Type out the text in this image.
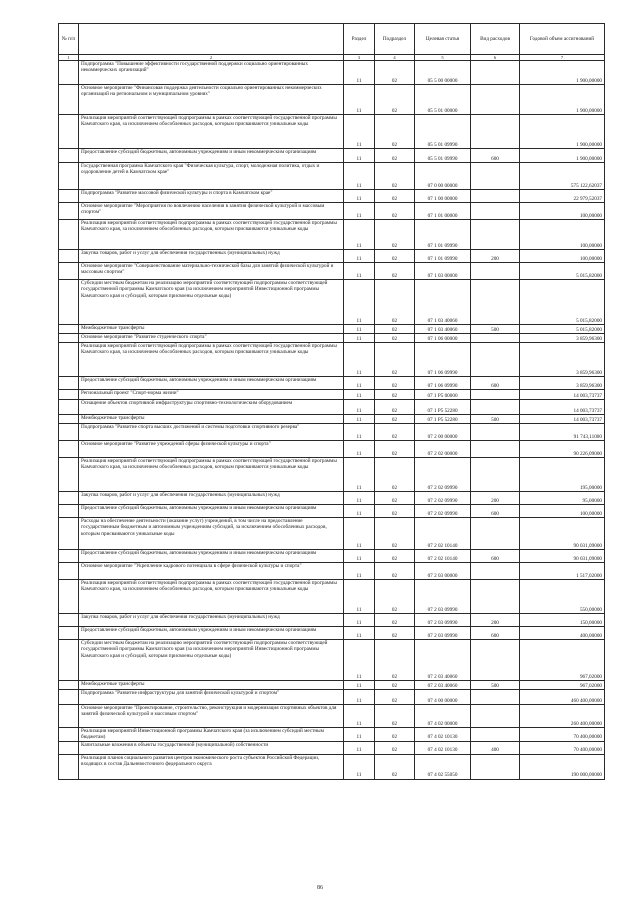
№ п/п		Раздел	Подраздел	Целевая статья	Вид расходов	Годовой объем ассигнований
1	2	3	4	5	6	7
	Подпрограмма "Повышение эффективности государственной поддержки социально ориентированных некоммерческих организаций"	11	02	05 5 00 00000		1 900,00000
	Основное мероприятие "Финансовая поддержка деятельности социально ориентированных некоммерческих организаций на региональном и муниципальном уровнях"	11	02	05 5 01 00000		1 900,00000
	Реализация мероприятий соответствующей подпрограммы в рамках соответствующей государственной программы Камчатского края, за исключением обособленных расходов, которым присваиваются уникальные коды	11	02	05 5 01 09990		1 900,00000
	Предоставление субсидий бюджетным, автономным учреждениям и иным некоммерческим организациям	11	02	05 5 01 09990	600	1 900,00000
	Государственная программа Камчатского края "Физическая культура, спорт, молодежная политика, отдых и оздоровление детей в Камчатском крае"	11	02	07 0 00 00000		575 122,62037
	Подпрограмма "Развитие массовой физической культуры и спорта в Камчатском крае"	11	02	07 1 00 00000		22 979,52037
	Основное мероприятие "Мероприятия по вовлечению населения в занятия физической культурой и массовым спортом"	11	02	07 1 01 00000		100,00000
	Реализация мероприятий соответствующей подпрограммы в рамках соответствующей государственной программы Камчатского края, за исключением обособленных расходов, которым присваиваются уникальные коды	11	02	07 1 01 09990		100,00000
	Закупка товаров, работ и услуг для обеспечения государственных (муниципальных) нужд	11	02	07 1 01 09990	200	100,00000
	Основное мероприятие "Совершенствование материально-технической базы для занятий физической культурой и массовым спортом"	11	02	07 1 03 00000		5 015,82000
	Субсидии местным бюджетам на реализацию мероприятий соответствующей подпрограммы соответствующей государственной программы Камчатского края (за исключением мероприятий Инвестиционной программы Камчатского края и субсидий, которым присвоены отдельные коды)	11	02	07 1 03 40060		5 015,82000
	Межбюджетные трансферты	11	02	07 1 03 40060	500	5 015,82000
	Основное мероприятие "Развитие студенческого спорта"	11	02	07 1 06 00000		3 859,96300
	Реализация мероприятий соответствующей подпрограммы в рамках соответствующей государственной программы Камчатского края, за исключением обособленных расходов, которым присваиваются уникальные коды	11	02	07 1 06 09990		3 859,96300
	Предоставление субсидий бюджетным, автономным учреждениям и иным некоммерческим организациям	11	02	07 1 06 09990	600	3 859,96300
	Региональный проект "Спорт-норма жизни"	11	02	07 1 P5 00000		14 003,73737
	Оснащение объектов спортивной инфраструктуры спортивно-технологическим оборудованием	11	02	07 1 P5 52280		14 003,73737
	Межбюджетные трансферты	11	02	07 1 P5 52280	500	14 003,73737
	Подпрограмма "Развитие спорта высших достижений и системы подготовки спортивного резерва"	11	02	07 2 00 00000		91 743,11000
	Основное мероприятие "Развитие учреждений сферы физической культуры и спорта"	11	02	07 2 02 00000		90 226,09000
	Реализация мероприятий соответствующей подпрограммы в рамках соответствующей государственной программы Камчатского края, за исключением обособленных расходов, которым присваиваются уникальные коды	11	02	07 2 02 09990		195,00000
	Закупка товаров, работ и услуг для обеспечения государственных (муниципальных) нужд	11	02	07 2 02 09990	200	95,00000
	Предоставление субсидий бюджетным, автономным учреждениям и иным некоммерческим организациям	11	02	07 2 02 09990	600	100,00000
	Расходы на обеспечение деятельности (оказание услуг) учреждений, в том числе на предоставление государственным бюджетным и автономным учреждениям субсидий, за исключением обособленных расходов, которым присваиваются уникальные коды	11	02	07 2 02 10140		90 031,09000
	Предоставление субсидий бюджетным, автономным учреждениям и иным некоммерческим организациям	11	02	07 2 02 10140	600	90 031,09000
	Основное мероприятие "Укрепление кадрового потенциала в сфере физической культуры и спорта"	11	02	07 2 03 00000		1 517,02000
	Реализация мероприятий соответствующей подпрограммы в рамках соответствующей государственной программы Камчатского края, за исключением обособленных расходов, которым присваиваются уникальные коды	11	02	07 2 03 09990		550,00000
	Закупка товаров, работ и услуг для обеспечения государственных (муниципальных) нужд	11	02	07 2 03 09990	200	150,00000
	Предоставление субсидий бюджетным, автономным учреждениям и иным некоммерческим организациям	11	02	07 2 03 09990	600	400,00000
	Субсидии местным бюджетам на реализацию мероприятий соответствующей подпрограммы соответствующей государственной программы Камчатского края (за исключением мероприятий Инвестиционной программы Камчатского края и субсидий, которым присвоены отдельные коды)	11	02	07 2 03 40060		967,02000
	Межбюджетные трансферты	11	02	07 2 03 40060	500	967,02000
	Подпрограмма "Развитие инфраструктуры для занятий физической культурой и спортом"	11	02	07 4 00 00000		460 400,00000
	Основное мероприятие "Проектирование, строительство, реконструкция и модернизация спортивных объектов для занятий физической культурой и массовым спортом"	11	02	07 4 02 00000		260 400,00000
	Реализация мероприятий Инвестиционной программы Камчатского края (за исключением субсидий местным бюджетам)	11	02	07 4 02 10130		70 400,00000
	Капитальные вложения в объекты государственной (муниципальной) собственности	11	02	07 4 02 10130	400	70 400,00000
	Реализация планов социального развития центров экономического роста субъектов Российской Федерации, входящих в состав Дальневосточного федерального округа	11	02	07 4 02 55050		190 000,00000
86
